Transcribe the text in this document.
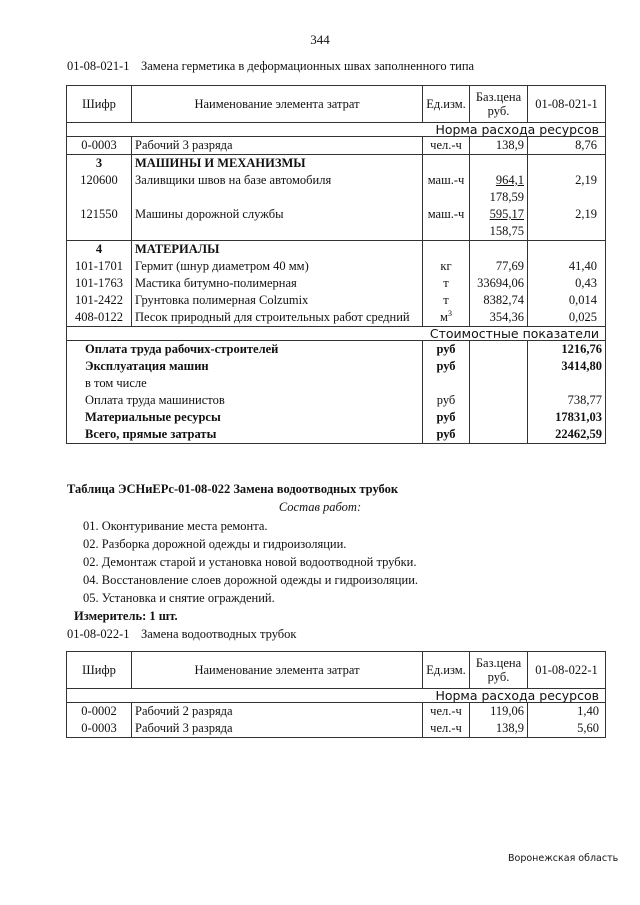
344
01-08-021-1 Замена герметика в деформационных швах заполненного типа
Шифр	Наименование элемента затрат	Ед.изм.	Баз.цена руб.	01-08-021-1
Норма расхода ресурсов				
0-0003	Рабочий 3 разряда	чел.-ч	138,9	8,76
3	МАШИНЫ И МЕХАНИЗМЫ			
120600	Заливщики швов на базе автомобиля	маш.-ч	964,1	2,19
			178,59	
121550	Машины дорожной службы	маш.-ч	595,17	2,19
			158,75	
4	МАТЕРИАЛЫ			
101-1701	Гермит (шнур диаметром 40 мм)	кг	77,69	41,40
101-1763	Мастика битумно-полимерная	т	33694,06	0,43
101-2422	Грунтовка полимерная Colzumix	т	8382,74	0,014
408-0122	Песок природный для строительных работ средний	$м^3$	354,36	0,025
Стоимостные показатели				
Оплата труда рабочих-строителей		руб		1216,76
Эксплуатация машин		руб		3414,80
в том числе				
Оплата труда машинистов		руб		738,77
Материальные ресурсы		руб		17831,03
Всего, прямые затраты		руб		22462,59
Таблица ЭСНиЕРс-01-08-022 Замена водоотводных трубок
Состав работ:
01. Оконтуривание места ремонта.
02. Разборка дорожной одежды и гидроизоляции.
02. Демонтаж старой и установка новой водоотводной трубки.
04. Восстановление слоев дорожной одежды и гидроизоляции.
05. Установка и снятие ограждений.
Измеритель: 1 шт.
01-08-022-1 Замена водоотводных трубок
Шифр	Наименование элемента затрат	Ед.изм.	Баз.цена руб.	01-08-022-1
Норма расхода ресурсов				
0-0002	Рабочий 2 разряда	чел.-ч	119,06	1,40
0-0003	Рабочий 3 разряда	чел.-ч	138,9	5,60
Воронежская область
